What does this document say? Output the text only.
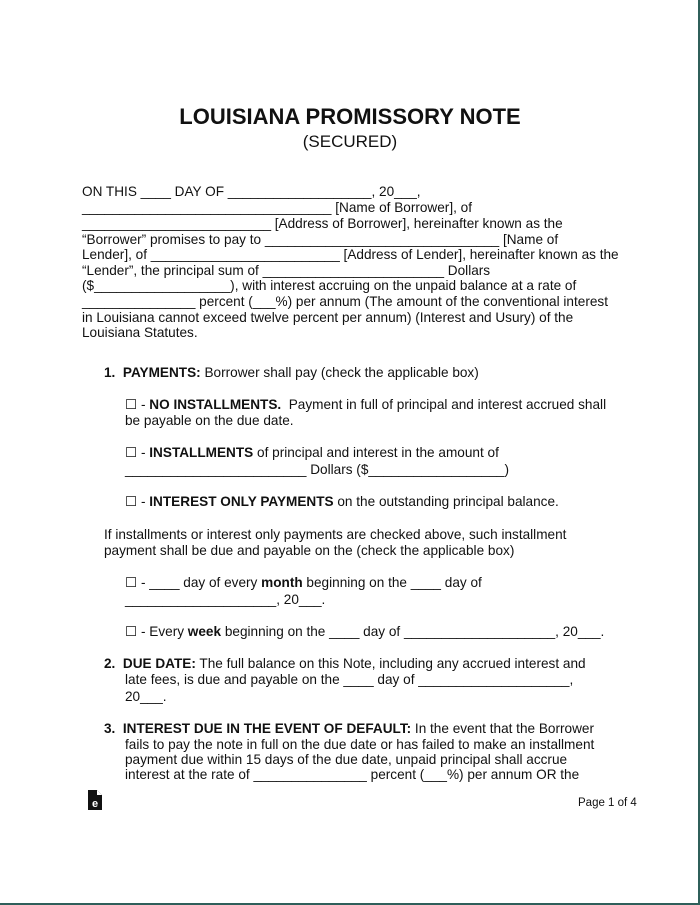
LOUISIANA PROMISSORY NOTE
(SECURED)
ON THIS ____ DAY OF ___________________, 20___,
_________________________________ [Name of Borrower], of
_________________________ [Address of Borrower], hereinafter known as the
“Borrower” promises to pay to _______________________________ [Name of
Lender], of _________________________ [Address of Lender], hereinafter known as the
“Lender”, the principal sum of ________________________ Dollars
($__________________), with interest accruing on the unpaid balance at a rate of
_______________ percent (___%) per annum (The amount of the conventional interest
in Louisiana cannot exceed twelve percent per annum) (Interest and Usury) of the
Louisiana Statutes.
1.  PAYMENTS: Borrower shall pay (check the applicable box)
☐ - NO INSTALLMENTS.  Payment in full of principal and interest accrued shall
be payable on the due date.
☐ - INSTALLMENTS of principal and interest in the amount of
________________________ Dollars ($__________________)
☐ - INTEREST ONLY PAYMENTS on the outstanding principal balance.
If installments or interest only payments are checked above, such installment
payment shall be due and payable on the (check the applicable box)
☐ - ____ day of every month beginning on the ____ day of
____________________, 20___.
☐ - Every week beginning on the ____ day of ____________________, 20___.
2.  DUE DATE: The full balance on this Note, including any accrued interest and
late fees, is due and payable on the ____ day of ____________________,
20___.
3.  INTEREST DUE IN THE EVENT OF DEFAULT: In the event that the Borrower
fails to pay the note in full on the due date or has failed to make an installment
payment due within 15 days of the due date, unpaid principal shall accrue
interest at the rate of _______________ percent (___%) per annum OR the
e	Page 1 of 4
